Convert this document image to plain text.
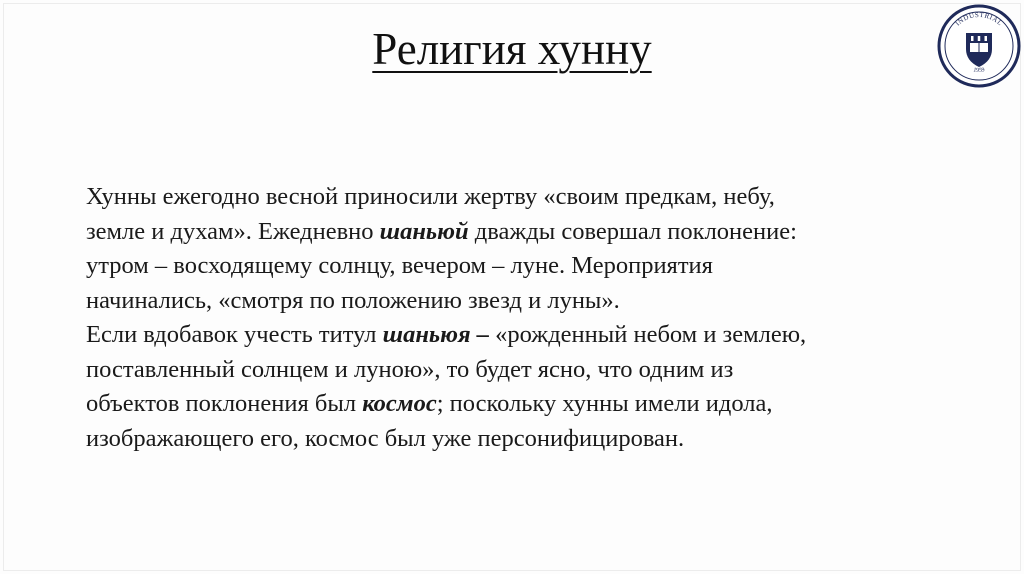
Религия хунну
Хунны ежегодно весной приносили жертву «своим предкам, небу,
земле и духам». Ежедневно шаньюй дважды совершал поклонение:
утром – восходящему солнцу, вечером – луне. Мероприятия
начинались, «смотря по положению звезд и луны».
Если вдобавок учесть титул шаньюя – «рожденный небом и землею,
поставленный солнцем и луною», то будет ясно, что одним из
объектов поклонения был космос; поскольку хунны имели идола,
изображающего его, космос был уже персонифицирован.
INDUSTRIAL
1959
